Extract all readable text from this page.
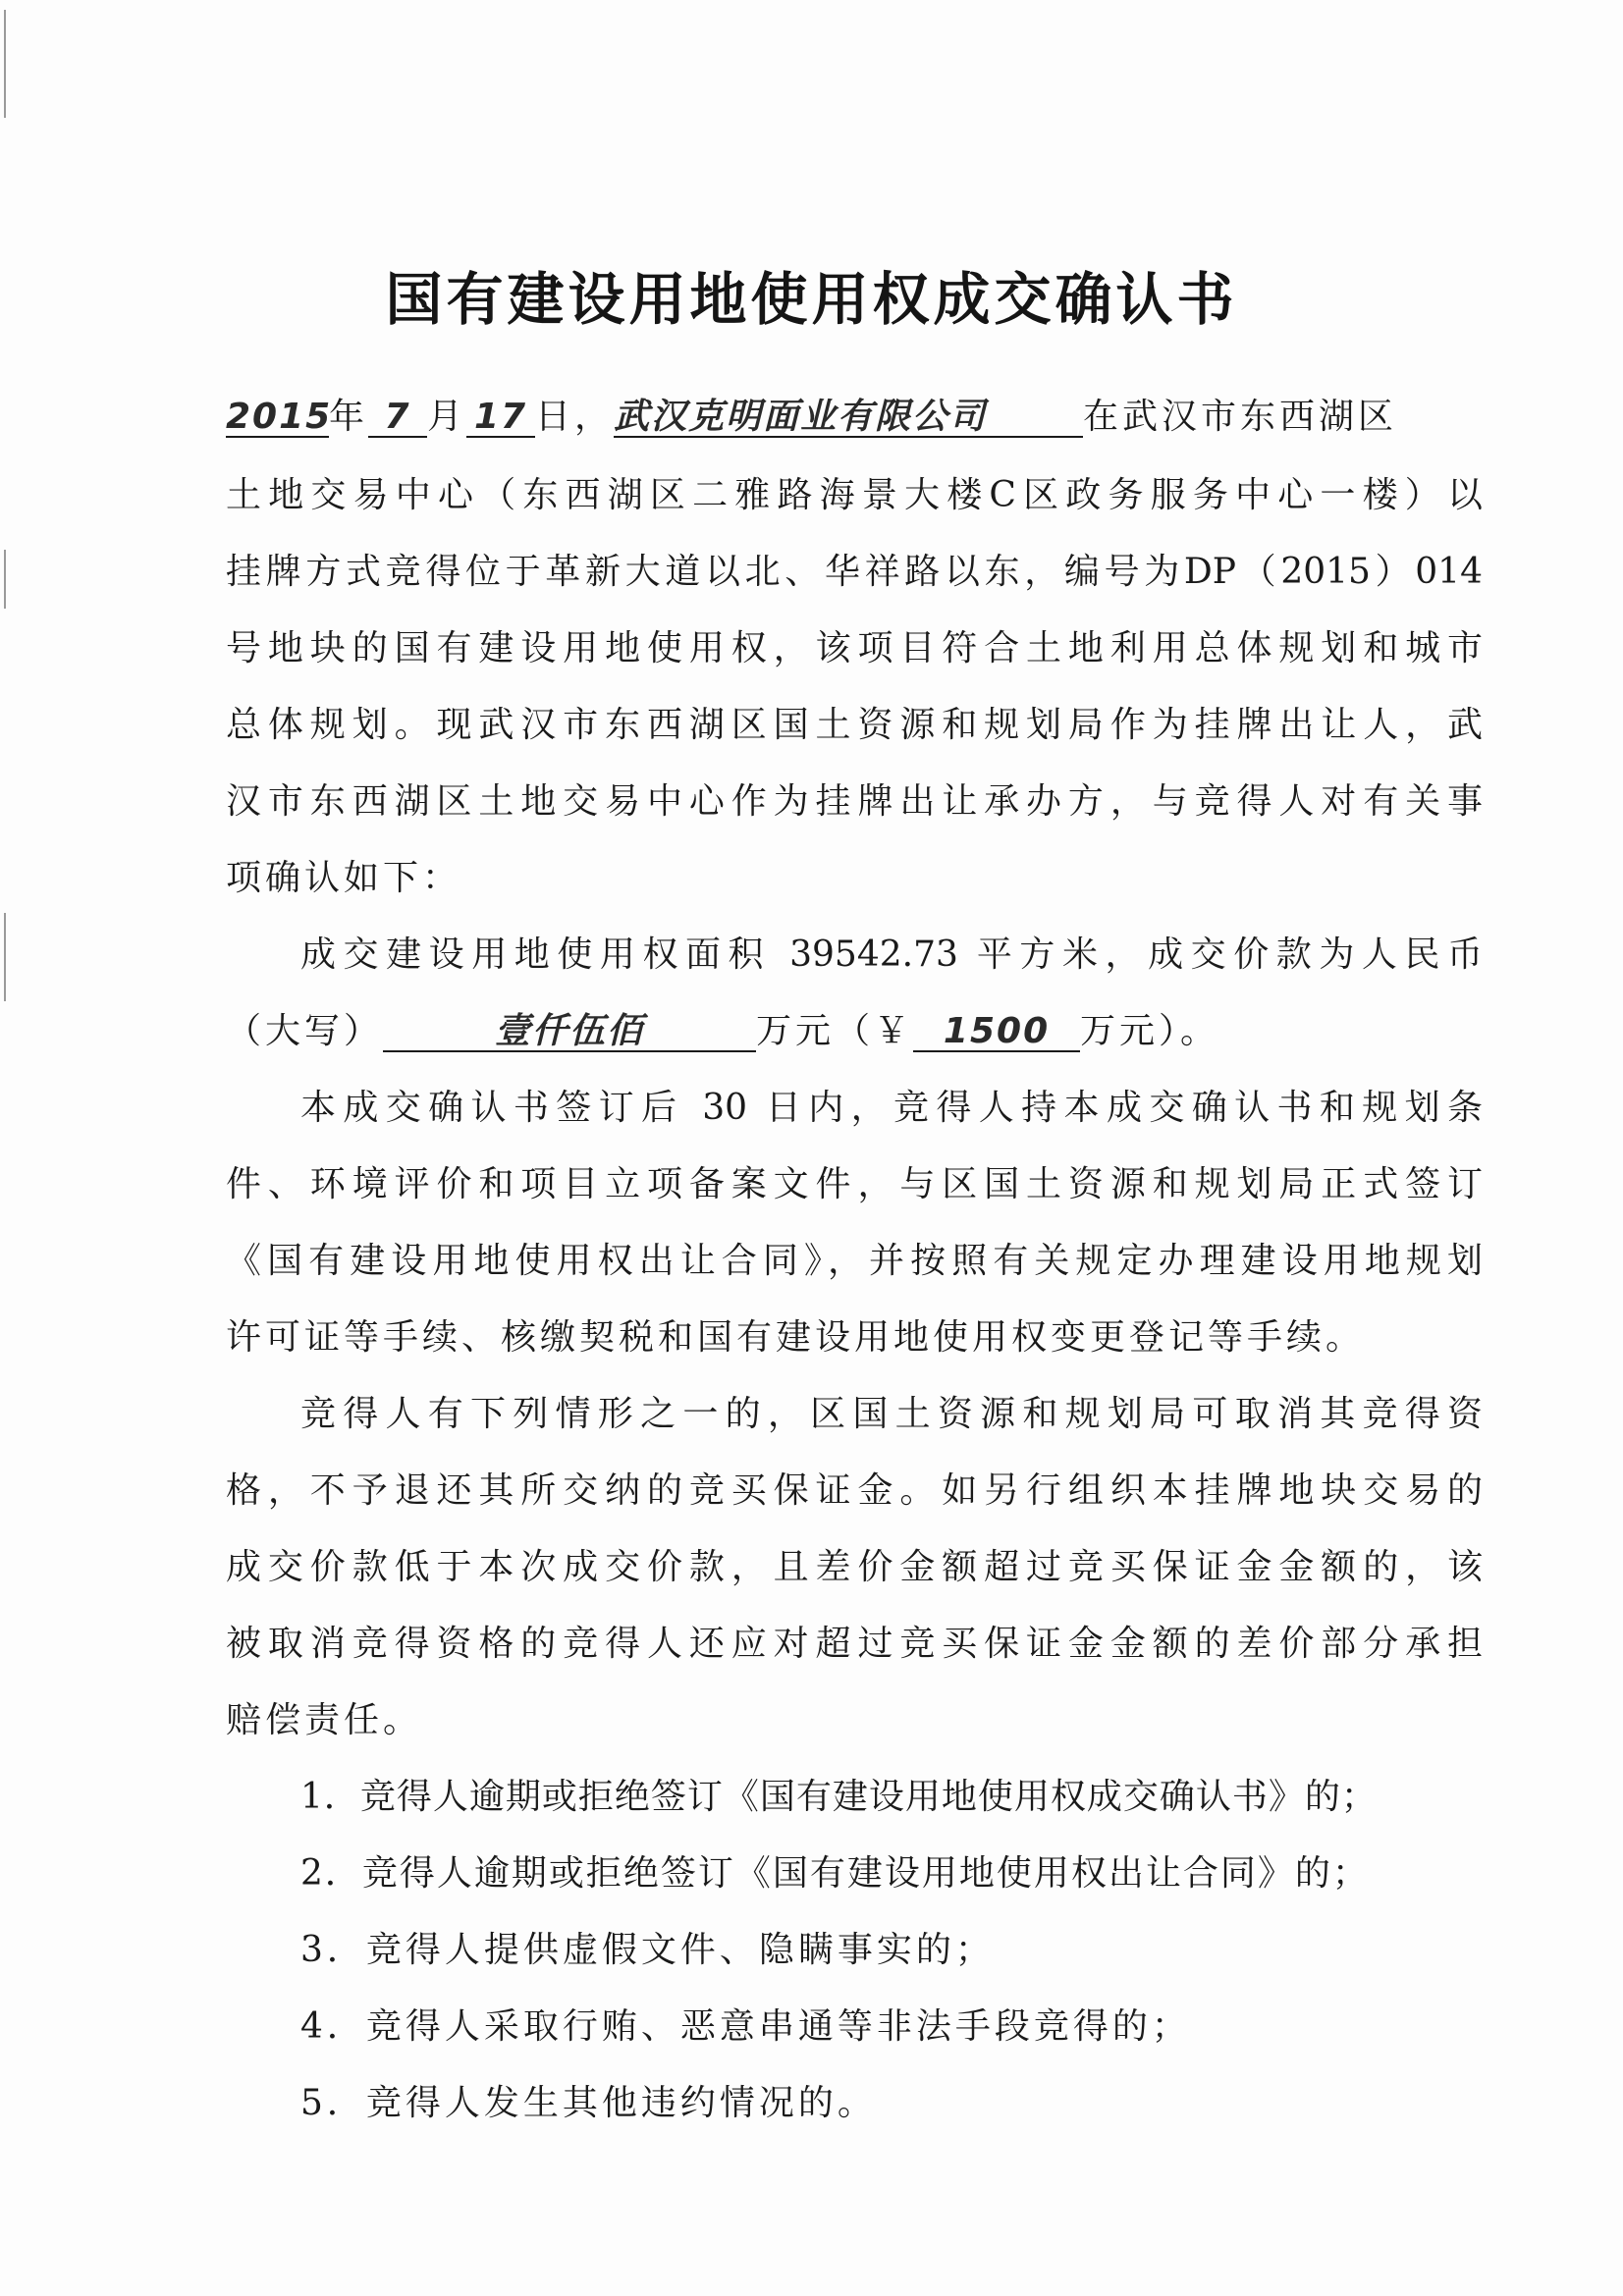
国有建设用地使用权成交确认书
2015年 7 月 17 日，武汉克明面业有限公司	在武汉市东西湖区
土地交易中心（东西湖区二雅路海景大楼C区政务服务中心一楼）以
挂牌方式竞得位于革新大道以北、华祥路以东，编号为DP（2015）014
号地块的国有建设用地使用权，该项目符合土地利用总体规划和城市
总体规划。现武汉市东西湖区国土资源和规划局作为挂牌出让人，武
汉市东西湖区土地交易中心作为挂牌出让承办方，与竞得人对有关事
项确认如下：
成交建设用地使用权面积 39542.73 平方米，成交价款为人民币
（大写）	壹仟伍佰	万元（￥ 1500 万元）。
本成交确认书签订后 30 日内，竞得人持本成交确认书和规划条
件、环境评价和项目立项备案文件，与区国土资源和规划局正式签订
《国有建设用地使用权出让合同》，并按照有关规定办理建设用地规划
许可证等手续、核缴契税和国有建设用地使用权变更登记等手续。
竞得人有下列情形之一的，区国土资源和规划局可取消其竞得资
格，不予退还其所交纳的竞买保证金。如另行组织本挂牌地块交易的
成交价款低于本次成交价款，且差价金额超过竞买保证金金额的，该
被取消竞得资格的竞得人还应对超过竞买保证金金额的差价部分承担
赔偿责任。
1．竞得人逾期或拒绝签订《国有建设用地使用权成交确认书》的；
2．竞得人逾期或拒绝签订《国有建设用地使用权出让合同》的；
3．竞得人提供虚假文件、隐瞒事实的；
4．竞得人采取行贿、恶意串通等非法手段竞得的；
5．竞得人发生其他违约情况的。
